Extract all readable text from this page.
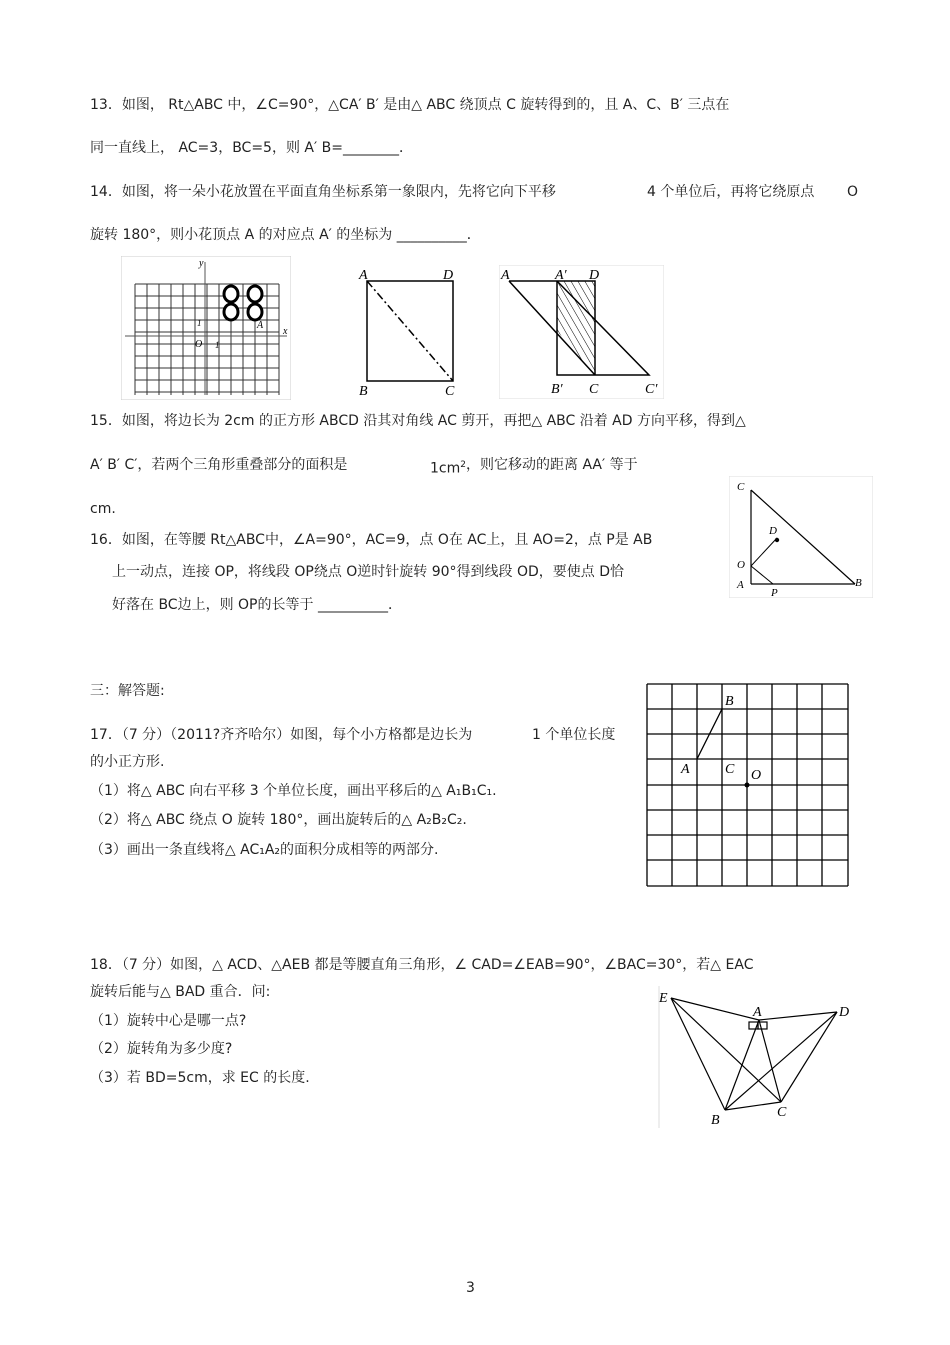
13．如图， Rt△ABC 中，∠C=90°，△CA′ B′ 是由△ ABC 绕顶点 C 旋转得到的，且 A、C、B′ 三点在
同一直线上， AC=3，BC=5，则 A′ B=________．
14．如图，将一朵小花放置在平面直角坐标系第一象限内，先将它向下平移	4 个单位后，再将它绕原点 O
旋转 180°，则小花顶点 A 的对应点 A′ 的坐标为 __________．
y
x
O 1
1	A
A	D
B	C
A	A′ D
B′ C	C′
15．如图，将边长为 2cm 的正方形 ABCD 沿其对角线 AC 剪开，再把△ ABC 沿着 AD 方向平移，得到△
A′ B′ C′，若两个三角形重叠部分的面积是	$1cm^2$ ，则它移动的距离 AA′ 等于
cm.
16．如图，在等腰 Rt△ABC中，∠A=90°，AC=9，点 O在 AC上，且 AO=2，点 P是 AB
上一动点，连接 OP，将线段 OP绕点 O逆时针旋转 90°得到线段 OD，要使点 D恰
好落在 BC边上，则 OP的长等于 __________．
C
D
O
A
P
B
三：解答题:
17．（7 分）（2011?齐齐哈尔）如图，每个小方格都是边长为	1 个单位长度
的小正方形.
（1）将△ ABC 向右平移 3 个单位长度，画出平移后的△ A₁B₁C₁.
（2）将△ ABC 绕点 O 旋转 180°，画出旋转后的△ A₂B₂C₂.
（3）画出一条直线将△ AC₁A₂的面积分成相等的两部分.
B
A	C O
18．（7 分）如图，△ ACD、△AEB 都是等腰直角三角形，∠ CAD=∠EAB=90°，∠BAC=30°，若△ EAC
旋转后能与△ BAD 重合．问:
（1）旋转中心是哪一点?
（2）旋转角为多少度?
（3）若 BD=5cm，求 EC 的长度.
E
A	D
B
C
3
